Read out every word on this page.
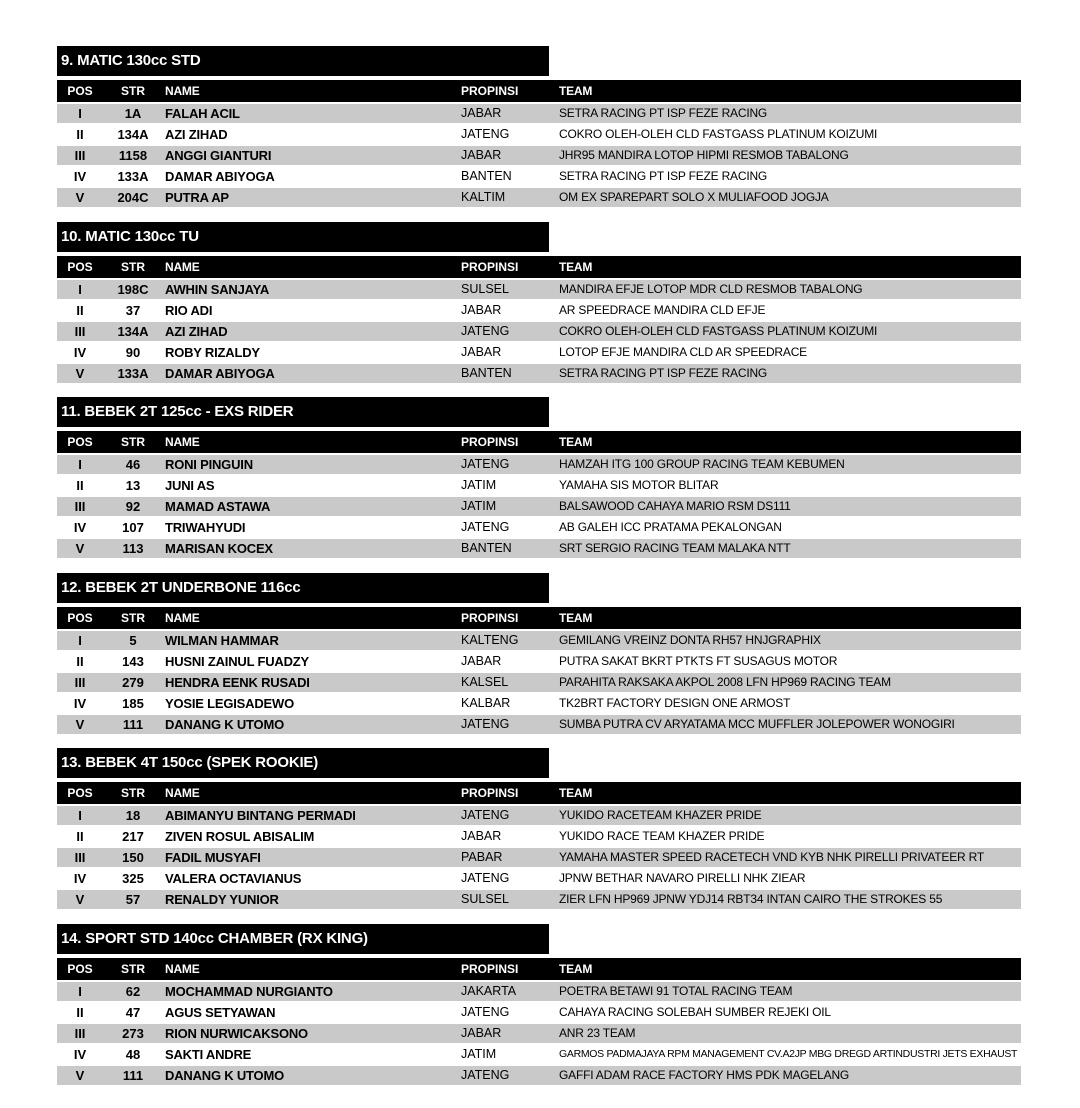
9. MATIC 130cc STD
POS	STR	NAME	PROPINSI	TEAM
I	1A	FALAH ACIL	JABAR	SETRA RACING PT ISP FEZE RACING
II	134A	AZI ZIHAD	JATENG	COKRO OLEH-OLEH CLD FASTGASS PLATINUM KOIZUMI
III	1158	ANGGI GIANTURI	JABAR	JHR95 MANDIRA LOTOP HIPMI RESMOB TABALONG
IV	133A	DAMAR ABIYOGA	BANTEN	SETRA RACING PT ISP FEZE RACING
V	204C	PUTRA AP	KALTIM	OM EX SPAREPART SOLO X MULIAFOOD JOGJA
10. MATIC 130cc TU
POS	STR	NAME	PROPINSI	TEAM
I	198C	AWHIN SANJAYA	SULSEL	MANDIRA EFJE LOTOP MDR CLD RESMOB TABALONG
II	37	RIO ADI	JABAR	AR SPEEDRACE MANDIRA CLD EFJE
III	134A	AZI ZIHAD	JATENG	COKRO OLEH-OLEH CLD FASTGASS PLATINUM KOIZUMI
IV	90	ROBY RIZALDY	JABAR	LOTOP EFJE MANDIRA CLD AR SPEEDRACE
V	133A	DAMAR ABIYOGA	BANTEN	SETRA RACING PT ISP FEZE RACING
11. BEBEK 2T 125cc - EXS RIDER
POS	STR	NAME	PROPINSI	TEAM
I	46	RONI PINGUIN	JATENG	HAMZAH ITG 100 GROUP RACING TEAM KEBUMEN
II	13	JUNI AS	JATIM	YAMAHA SIS MOTOR BLITAR
III	92	MAMAD ASTAWA	JATIM	BALSAWOOD CAHAYA MARIO RSM DS111
IV	107	TRIWAHYUDI	JATENG	AB GALEH ICC PRATAMA PEKALONGAN
V	113	MARISAN KOCEX	BANTEN	SRT SERGIO RACING TEAM MALAKA NTT
12. BEBEK 2T UNDERBONE 116cc
POS	STR	NAME	PROPINSI	TEAM
I	5	WILMAN HAMMAR	KALTENG	GEMILANG VREINZ DONTA RH57 HNJGRAPHIX
II	143	HUSNI ZAINUL FUADZY	JABAR	PUTRA SAKAT BKRT PTKTS FT SUSAGUS MOTOR
III	279	HENDRA EENK RUSADI	KALSEL	PARAHITA RAKSAKA AKPOL 2008 LFN HP969 RACING TEAM
IV	185	YOSIE LEGISADEWO	KALBAR	TK2BRT FACTORY DESIGN ONE ARMOST
V	111	DANANG K UTOMO	JATENG	SUMBA PUTRA CV ARYATAMA MCC MUFFLER JOLEPOWER WONOGIRI
13. BEBEK 4T 150cc (SPEK ROOKIE)
POS	STR	NAME	PROPINSI	TEAM
I	18	ABIMANYU BINTANG PERMADI	JATENG	YUKIDO RACETEAM KHAZER PRIDE
II	217	ZIVEN ROSUL ABISALIM	JABAR	YUKIDO RACE TEAM KHAZER PRIDE
III	150	FADIL MUSYAFI	PABAR	YAMAHA MASTER SPEED RACETECH VND KYB NHK PIRELLI PRIVATEER RT
IV	325	VALERA OCTAVIANUS	JATENG	JPNW BETHAR NAVARO PIRELLI NHK ZIEAR
V	57	RENALDY YUNIOR	SULSEL	ZIER LFN HP969 JPNW YDJ14 RBT34 INTAN CAIRO THE STROKES 55
14. SPORT STD 140cc CHAMBER (RX KING)
POS	STR	NAME	PROPINSI	TEAM
I	62	MOCHAMMAD NURGIANTO	JAKARTA	POETRA BETAWI 91 TOTAL RACING TEAM
II	47	AGUS SETYAWAN	JATENG	CAHAYA RACING SOLEBAH SUMBER REJEKI OIL
III	273	RION NURWICAKSONO	JABAR	ANR 23 TEAM
IV	48	SAKTI ANDRE	JATIM	GARMOS PADMAJAYA RPM MANAGEMENT CV.A2JP MBG DREGD ARTINDUSTRI JETS EXHAUST
V	111	DANANG K UTOMO	JATENG	GAFFI ADAM RACE FACTORY HMS PDK MAGELANG
